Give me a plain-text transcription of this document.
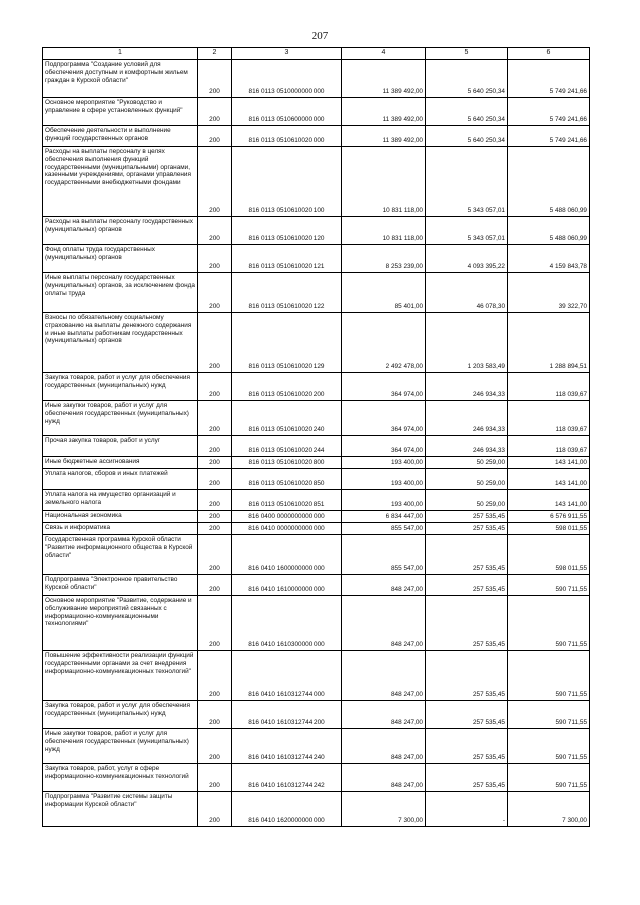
207
1	2	3	4	5	6
Подпрограмма "Создание условий для обеспечения доступным и комфортным жильем граждан в Курской области"	200	816 0113 0510000000 000	11 389 492,00	5 640 250,34	5 749 241,66
Основное мероприятие "Руководство и управление в сфере установленных функций"	200	816 0113 0510600000 000	11 389 492,00	5 640 250,34	5 749 241,66
Обеспечение деятельности и выполнение функций государственных органов	200	816 0113 0510610020 000	11 389 492,00	5 640 250,34	5 749 241,66
Расходы на выплаты персоналу в целях обеспечения выполнения функций государственными (муниципальными) органами, казенными учреждениями, органами управления государственными внебюджетными фондами	200	816 0113 0510610020 100	10 831 118,00	5 343 057,01	5 488 060,99
Расходы на выплаты персоналу государственных (муниципальных) органов	200	816 0113 0510610020 120	10 831 118,00	5 343 057,01	5 488 060,99
Фонд оплаты труда государственных (муниципальных) органов	200	816 0113 0510610020 121	8 253 239,00	4 093 395,22	4 159 843,78
Иные выплаты персоналу государственных (муниципальных) органов, за исключением фонда оплаты труда	200	816 0113 0510610020 122	85 401,00	46 078,30	39 322,70
Взносы по обязательному социальному страхованию на выплаты денежного содержания и иные выплаты работникам государственных (муниципальных) органов	200	816 0113 0510610020 129	2 492 478,00	1 203 583,49	1 288 894,51
Закупка товаров, работ и услуг для обеспечения государственных (муниципальных) нужд	200	816 0113 0510610020 200	364 974,00	246 934,33	118 039,67
Иные закупки товаров, работ и услуг для обеспечения государственных (муниципальных) нужд	200	816 0113 0510610020 240	364 974,00	246 934,33	118 039,67
Прочая закупка товаров, работ и услуг	200	816 0113 0510610020 244	364 974,00	246 934,33	118 039,67
Иные бюджетные ассигнования	200	816 0113 0510610020 800	193 400,00	50 259,00	143 141,00
Уплата налогов, сборов и иных платежей	200	816 0113 0510610020 850	193 400,00	50 259,00	143 141,00
Уплата налога на имущество организаций и земельного налога	200	816 0113 0510610020 851	193 400,00	50 259,00	143 141,00
Национальная экономика	200	816 0400 0000000000 000	6 834 447,00	257 535,45	6 576 911,55
Связь и информатика	200	816 0410 0000000000 000	855 547,00	257 535,45	598 011,55
Государственная программа Курской области "Развитие информационного общества в Курской области"	200	816 0410 1600000000 000	855 547,00	257 535,45	598 011,55
Подпрограмма "Электронное правительство Курской области"	200	816 0410 1610000000 000	848 247,00	257 535,45	590 711,55
Основное мероприятие "Развитие, содержание и обслуживание мероприятий связанных с информационно-коммуникационными технологиями"	200	816 0410 1610300000 000	848 247,00	257 535,45	590 711,55
Повышение эффективности реализации функций государственными органами за счет внедрения информационно-коммуникационных технологий"	200	816 0410 1610312744 000	848 247,00	257 535,45	590 711,55
Закупка товаров, работ и услуг для обеспечения государственных (муниципальных) нужд	200	816 0410 1610312744 200	848 247,00	257 535,45	590 711,55
Иные закупки товаров, работ и услуг для обеспечения государственных (муниципальных) нужд	200	816 0410 1610312744 240	848 247,00	257 535,45	590 711,55
Закупка товаров, работ, услуг в сфере информационно-коммуникационных технологий	200	816 0410 1610312744 242	848 247,00	257 535,45	590 711,55
Подпрограмма "Развитие системы защиты информации Курской области"	200	816 0410 1620000000 000	7 300,00	-	7 300,00
